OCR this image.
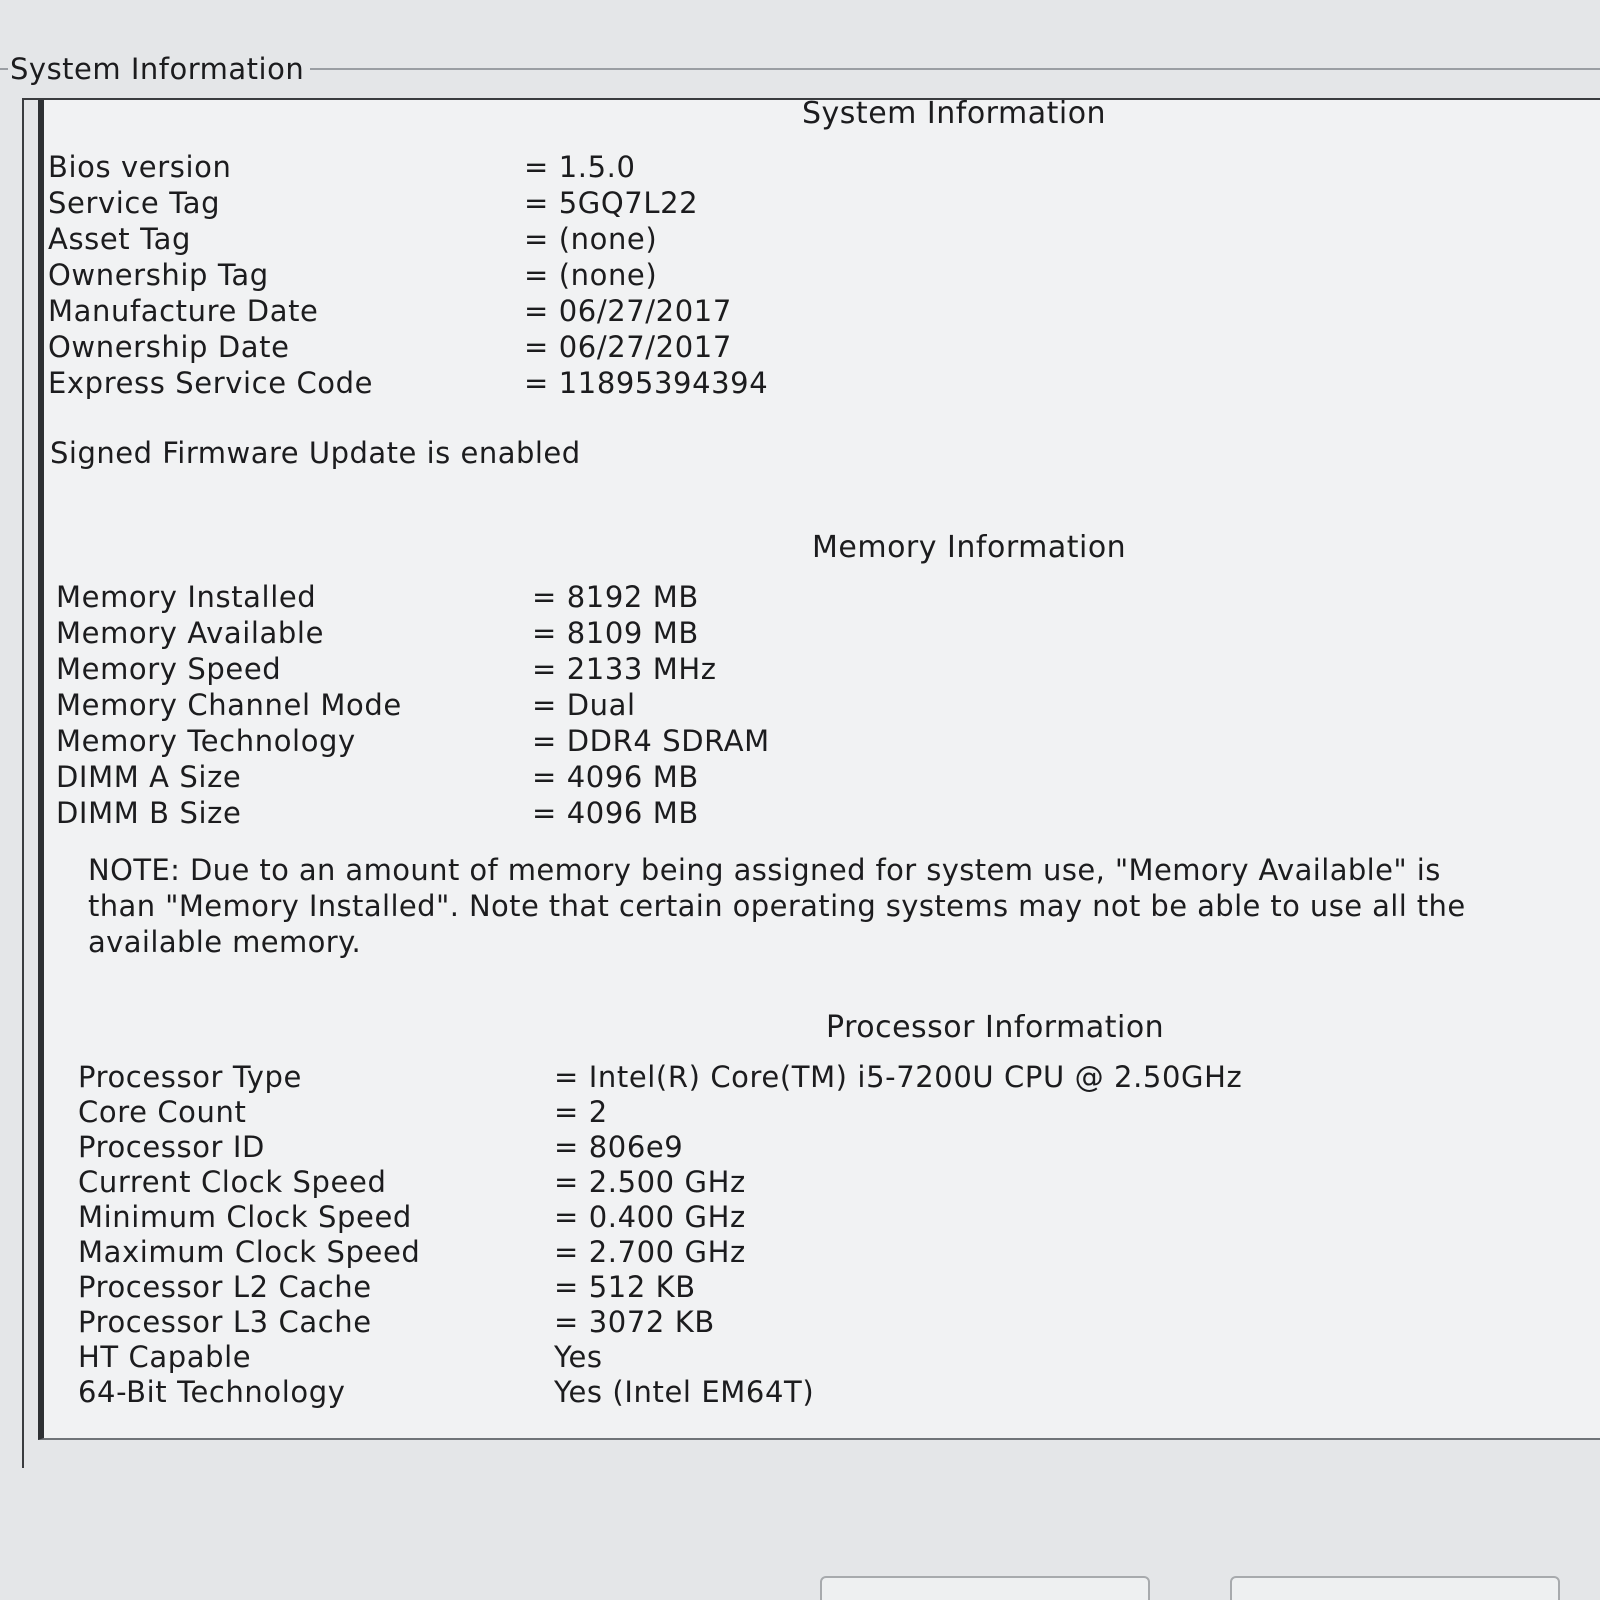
System Information
System Information
Bios version	= 1.5.0
Service Tag	= 5GQ7L22
Asset Tag	= (none)
Ownership Tag	= (none)
Manufacture Date	= 06/27/2017
Ownership Date	= 06/27/2017
Express Service Code	= 11895394394
Signed Firmware Update is enabled
Memory Information
Memory Installed	= 8192 MB
Memory Available	= 8109 MB
Memory Speed	= 2133 MHz
Memory Channel Mode	= Dual
Memory Technology	= DDR4 SDRAM
DIMM A Size	= 4096 MB
DIMM B Size	= 4096 MB
NOTE: Due to an amount of memory being assigned for system use, "Memory Available" is
than "Memory Installed". Note that certain operating systems may not be able to use all the
available memory.
Processor Information
Processor Type	= Intel(R) Core(TM) i5-7200U CPU @ 2.50GHz
Core Count	= 2
Processor ID	= 806e9
Current Clock Speed	= 2.500 GHz
Minimum Clock Speed	= 0.400 GHz
Maximum Clock Speed	= 2.700 GHz
Processor L2 Cache	= 512 KB
Processor L3 Cache	= 3072 KB
HT Capable	Yes
64-Bit Technology	Yes (Intel EM64T)
